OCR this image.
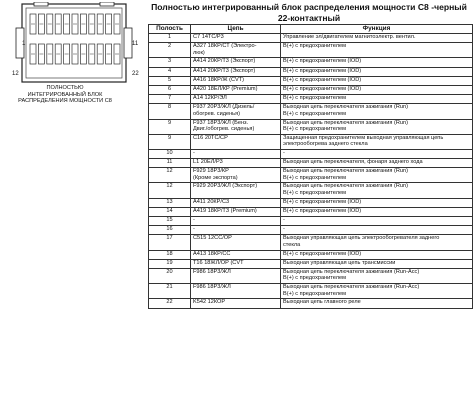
1	11
12	22
ПОЛНОСТЬЮ
ИНТЕГРИРОВАННЫЙ БЛОК
РАСПРЕДЕЛЕНИЯ МОЩНОСТИ С8
Полностью интегрированный блок распределения мощности С8 -черный
22-контактный
Полость	Цепь	Функция
1	C7 14TC/Р3	Управление эл/двигателем магнитоэлектр. вентил.

2	А327 18КР/СТ (Электро-
люк)	B(+) с предохранителем

3	А414 20КР/Т3 (Экспорт)	B(+) с предохранителем (IOD)

4	А414 20КР/Т3 (Экспорт)	B(+) с предохранителем (IOD)

5	А416 18КР/Ж (CVT)	B(+) с предохранителем (IOD)

6	А420 18ЕЛ/КР (Premium)	B(+) с предохранителем (IOD)

7	А14 12КР/ЭЛ	B(+) с предохранителем

8	F937 20Р3/ЖЛ (Дизель/
обогрев. сиденья)	Выходная цепь переключателя зажигания (Run)
B(+) с предохранителем

9	F937 18Р3/ЖЛ (Бенз.
Двиг./обогрев. сиденья)	Выходная цепь переключателя зажигания (Run)
B(+) с предохранителем

9	C16 20ТС/СР	Защищенная предохранителем выходная управляющая цепь
электрообогрева заднего стекла

10	-	-

11	L1 20ЕЛ/Р3	Выходная цепь переключателя, фонаря заднего хода

12	F929 18Р3/КР
(Кроме экспорта)	Выходная цепь переключателя зажигания (Run)
B(+) с предохранителем

12	F929 20Р3/ЖЛ (Экспорт)	Выходная цепь переключателя зажигания (Run)
B(+) с предохранителем

13	А411 20КР/С3	B(+) с предохранителем (IOD)

14	А419 18КР/ТЗ (Premium)	B(+) с предохранителем (IOD)

15	-	-

16	-	-

17	C515 12СС/ОР	Выходная управляющая цепь электрообогревателя заднего
стекла

18	А413 18КР/СС	B(+) с предохранителем (IOD)

19	Т16 18ЖЛ/ОР (CVT	Выходная управляющая цепь трансмиссии

20	F986 18Р3/ЖЛ	Выходная цепь переключателя зажигания (Run-Acc)
B(+) с предохранителем

21	F986 18Р3/ЖЛ	Выходная цепь переключателя зажигания (Run-Acc)
B(+) с предохранителем

22	K542 12КОР	Выходная цепь главного реле
